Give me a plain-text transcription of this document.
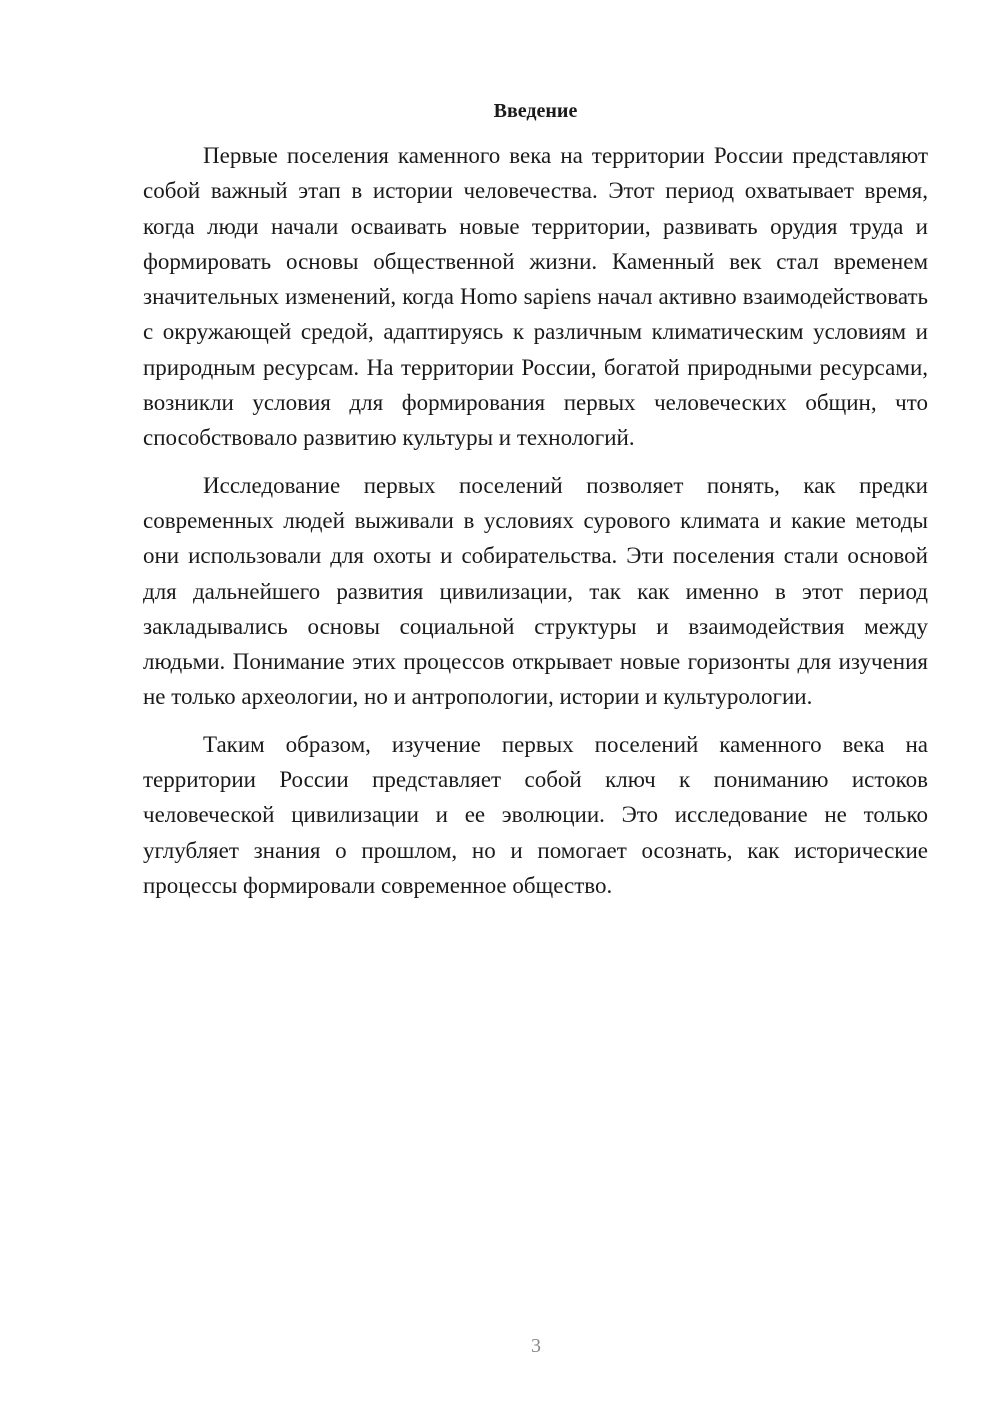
Введение

Первые поселения каменного века на территории России представляют собой важный этап в истории человечества. Этот период охватывает время, когда люди начали осваивать новые территории, развивать орудия труда и формировать основы общественной жизни. Каменный век стал временем значительных изменений, когда Homo sapiens начал активно взаимодействовать с окружающей средой, адаптируясь к различным климатическим условиям и природным ресурсам. На территории России, богатой природными ресурсами, возникли условия для формирования первых человеческих общин, что способствовало развитию культуры и технологий.

Исследование первых поселений позволяет понять, как предки современных людей выживали в условиях сурового климата и какие методы они использовали для охоты и собирательства. Эти поселения стали основой для дальнейшего развития цивилизации, так как именно в этот период закладывались основы социальной структуры и взаимодействия между людьми. Понимание этих процессов открывает новые горизонты для изучения не только археологии, но и антропологии, истории и культурологии.

Таким образом, изучение первых поселений каменного века на территории России представляет собой ключ к пониманию истоков человеческой цивилизации и ее эволюции. Это исследование не только углубляет знания о прошлом, но и помогает осознать, как исторические процессы формировали современное общество.

3
